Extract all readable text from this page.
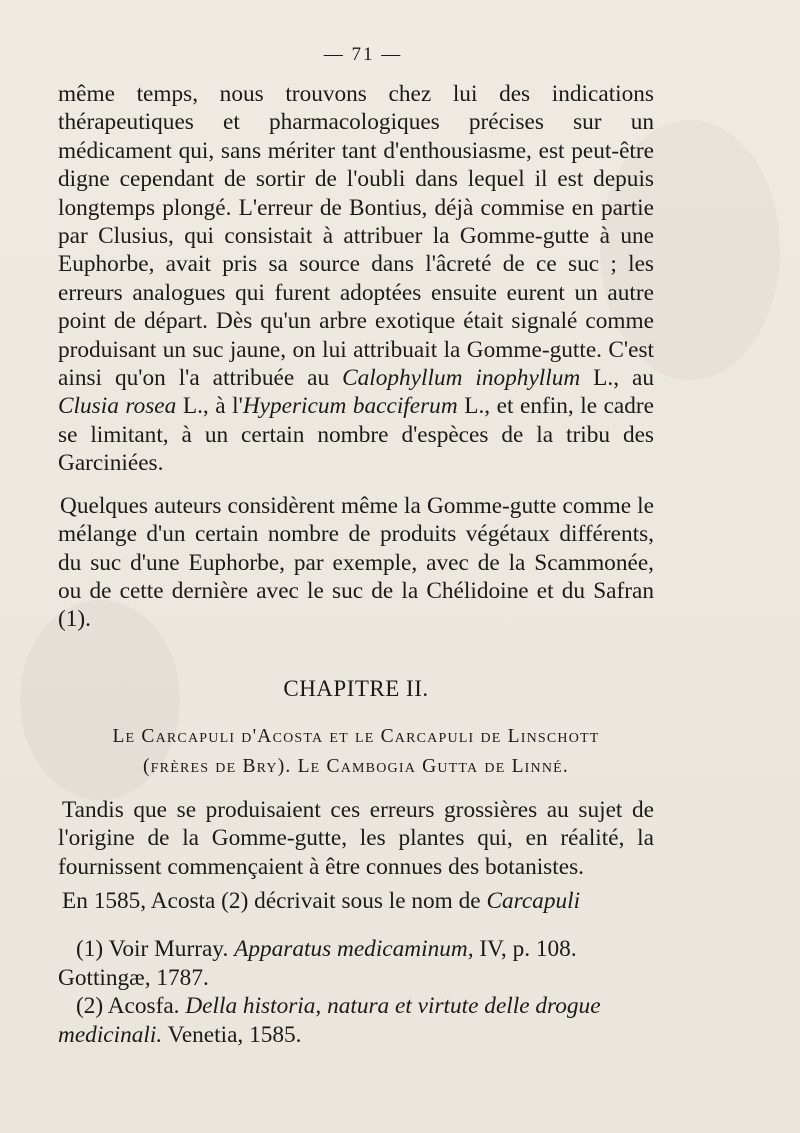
— 71 —

même temps, nous trouvons chez lui des indications thérapeutiques et pharmacologiques précises sur un médicament qui, sans mériter tant d'enthousiasme, est peut-être digne cependant de sortir de l'oubli dans lequel il est depuis longtemps plongé. L'erreur de Bontius, déjà commise en partie par Clusius, qui consistait à attribuer la Gomme-gutte à une Euphorbe, avait pris sa source dans l'âcreté de ce suc ; les erreurs analogues qui furent adoptées ensuite eurent un autre point de départ. Dès qu'un arbre exotique était signalé comme produisant un suc jaune, on lui attribuait la Gomme-gutte. C'est ainsi qu'on l'a attribuée au Calophyllum inophyllum L., au Clusia rosea L., à l'Hypericum bacciferum L., et enfin, le cadre se limitant, à un certain nombre d'espèces de la tribu des Garciniées.

Quelques auteurs considèrent même la Gomme-gutte comme le mélange d'un certain nombre de produits végétaux différents, du suc d'une Euphorbe, par exemple, avec de la Scammonée, ou de cette dernière avec le suc de la Chélidoine et du Safran (1).

CHAPITRE II.
Le Carcapuli d'Acosta et le Carcapuli de Linschott
(frères de Bry). Le Cambogia Gutta de Linné.

Tandis que se produisaient ces erreurs grossières au sujet de l'origine de la Gomme-gutte, les plantes qui, en réalité, la fournissent commençaient à être connues des botanistes.

En 1585, Acosta (2) décrivait sous le nom de Carcapuli

(1) Voir Murray. Apparatus medicaminum, IV, p. 108. Gottingæ, 1787.

(2) Acosfa. Della historia, natura et virtute delle drogue medicinali. Venetia, 1585.
